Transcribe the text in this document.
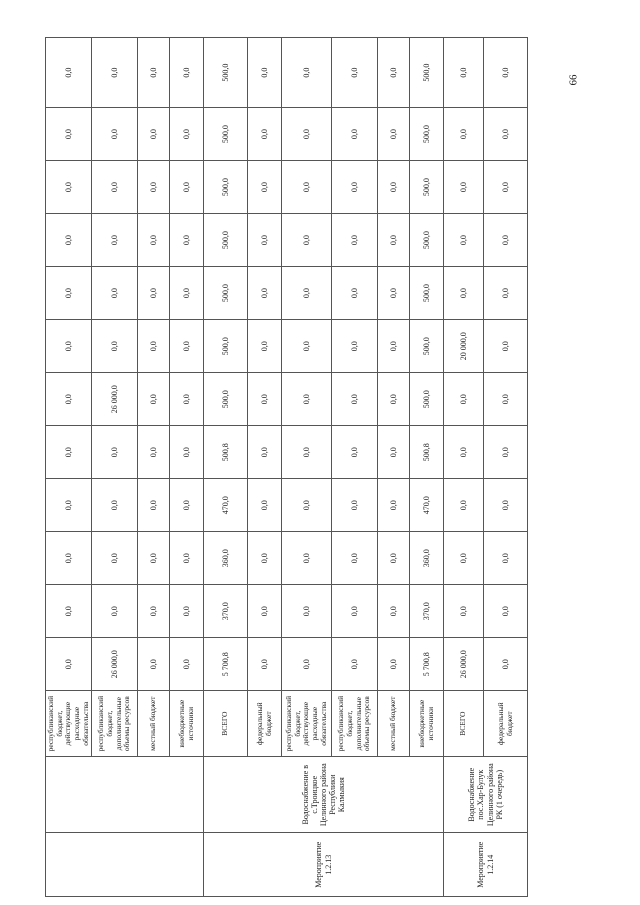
66
		республиканский бюджет, действующие расходные обязательства	0,0	0,0	0,0	0,0	0,0	0,0	0,0	0,0	0,0	0,0	0,0	0,0
		республиканский бюджет, дополнительные объемы ресурсов	26 000,0	0,0	0,0	0,0	0,0	26 000,0	0,0	0,0	0,0	0,0	0,0	0,0
		местный бюджет	0,0	0,0	0,0	0,0	0,0	0,0	0,0	0,0	0,0	0,0	0,0	0,0
		внебюджетные источники	0,0	0,0	0,0	0,0	0,0	0,0	0,0	0,0	0,0	0,0	0,0	0,0
Мероприятие 1.2.13	Водоснабжение в с.Троицкое Целинного района Республики Калмыкия	ВСЕГО	5 700,8	370,0	360,0	470,0	500,8	500,0	500,0	500,0	500,0	500,0	500,0	500,0
		федеральный бюджет	0,0	0,0	0,0	0,0	0,0	0,0	0,0	0,0	0,0	0,0	0,0	0,0
		республиканский бюджет, действующие расходные обязательства	0,0	0,0	0,0	0,0	0,0	0,0	0,0	0,0	0,0	0,0	0,0	0,0
		республиканский бюджет, дополнительные объемы ресурсов	0,0	0,0	0,0	0,0	0,0	0,0	0,0	0,0	0,0	0,0	0,0	0,0
		местный бюджет	0,0	0,0	0,0	0,0	0,0	0,0	0,0	0,0	0,0	0,0	0,0	0,0
		внебюджетные источники	5 700,8	370,0	360,0	470,0	500,8	500,0	500,0	500,0	500,0	500,0	500,0	500,0
Мероприятие 1.2.14	Водоснабжение пос.Хар-Булук Целинного района РК (1 очередь)	ВСЕГО	26 000,0	0,0	0,0	0,0	0,0	0,0	20 000,0	0,0	0,0	0,0	0,0	0,0
		федеральный бюджет	0,0	0,0	0,0	0,0	0,0	0,0	0,0	0,0	0,0	0,0	0,0	0,0
